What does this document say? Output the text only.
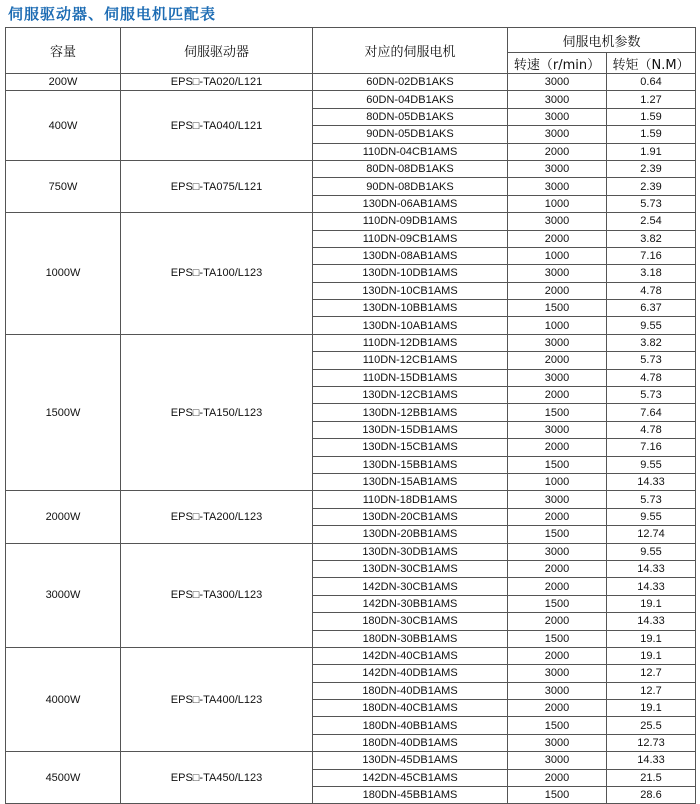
伺服驱动器、伺服电机匹配表
容量	伺服驱动器	对应的伺服电机	伺服电机参数	
			转速（r/min）	转矩（N.M）
200W	EPS□-TA020/L121	60DN-02DB1AKS	3000	0.64
400W	EPS□-TA040/L121	60DN-04DB1AKS	3000	1.27
		80DN-05DB1AKS	3000	1.59
		90DN-05DB1AKS	3000	1.59
		110DN-04CB1AMS	2000	1.91
750W	EPS□-TA075/L121	80DN-08DB1AKS	3000	2.39
		90DN-08DB1AKS	3000	2.39
		130DN-06AB1AMS	1000	5.73
1000W	EPS□-TA100/L123	110DN-09DB1AMS	3000	2.54
		110DN-09CB1AMS	2000	3.82
		130DN-08AB1AMS	1000	7.16
		130DN-10DB1AMS	3000	3.18
		130DN-10CB1AMS	2000	4.78
		130DN-10BB1AMS	1500	6.37
		130DN-10AB1AMS	1000	9.55
1500W	EPS□-TA150/L123	110DN-12DB1AMS	3000	3.82
		110DN-12CB1AMS	2000	5.73
		110DN-15DB1AMS	3000	4.78
		130DN-12CB1AMS	2000	5.73
		130DN-12BB1AMS	1500	7.64
		130DN-15DB1AMS	3000	4.78
		130DN-15CB1AMS	2000	7.16
		130DN-15BB1AMS	1500	9.55
		130DN-15AB1AMS	1000	14.33
2000W	EPS□-TA200/L123	110DN-18DB1AMS	3000	5.73
		130DN-20CB1AMS	2000	9.55
		130DN-20BB1AMS	1500	12.74
3000W	EPS□-TA300/L123	130DN-30DB1AMS	3000	9.55
		130DN-30CB1AMS	2000	14.33
		142DN-30CB1AMS	2000	14.33
		142DN-30BB1AMS	1500	19.1
		180DN-30CB1AMS	2000	14.33
		180DN-30BB1AMS	1500	19.1
4000W	EPS□-TA400/L123	142DN-40CB1AMS	2000	19.1
		142DN-40DB1AMS	3000	12.7
		180DN-40DB1AMS	3000	12.7
		180DN-40CB1AMS	2000	19.1
		180DN-40BB1AMS	1500	25.5
		180DN-40DB1AMS	3000	12.73
4500W	EPS□-TA450/L123	130DN-45DB1AMS	3000	14.33
		142DN-45CB1AMS	2000	21.5
		180DN-45BB1AMS	1500	28.6
